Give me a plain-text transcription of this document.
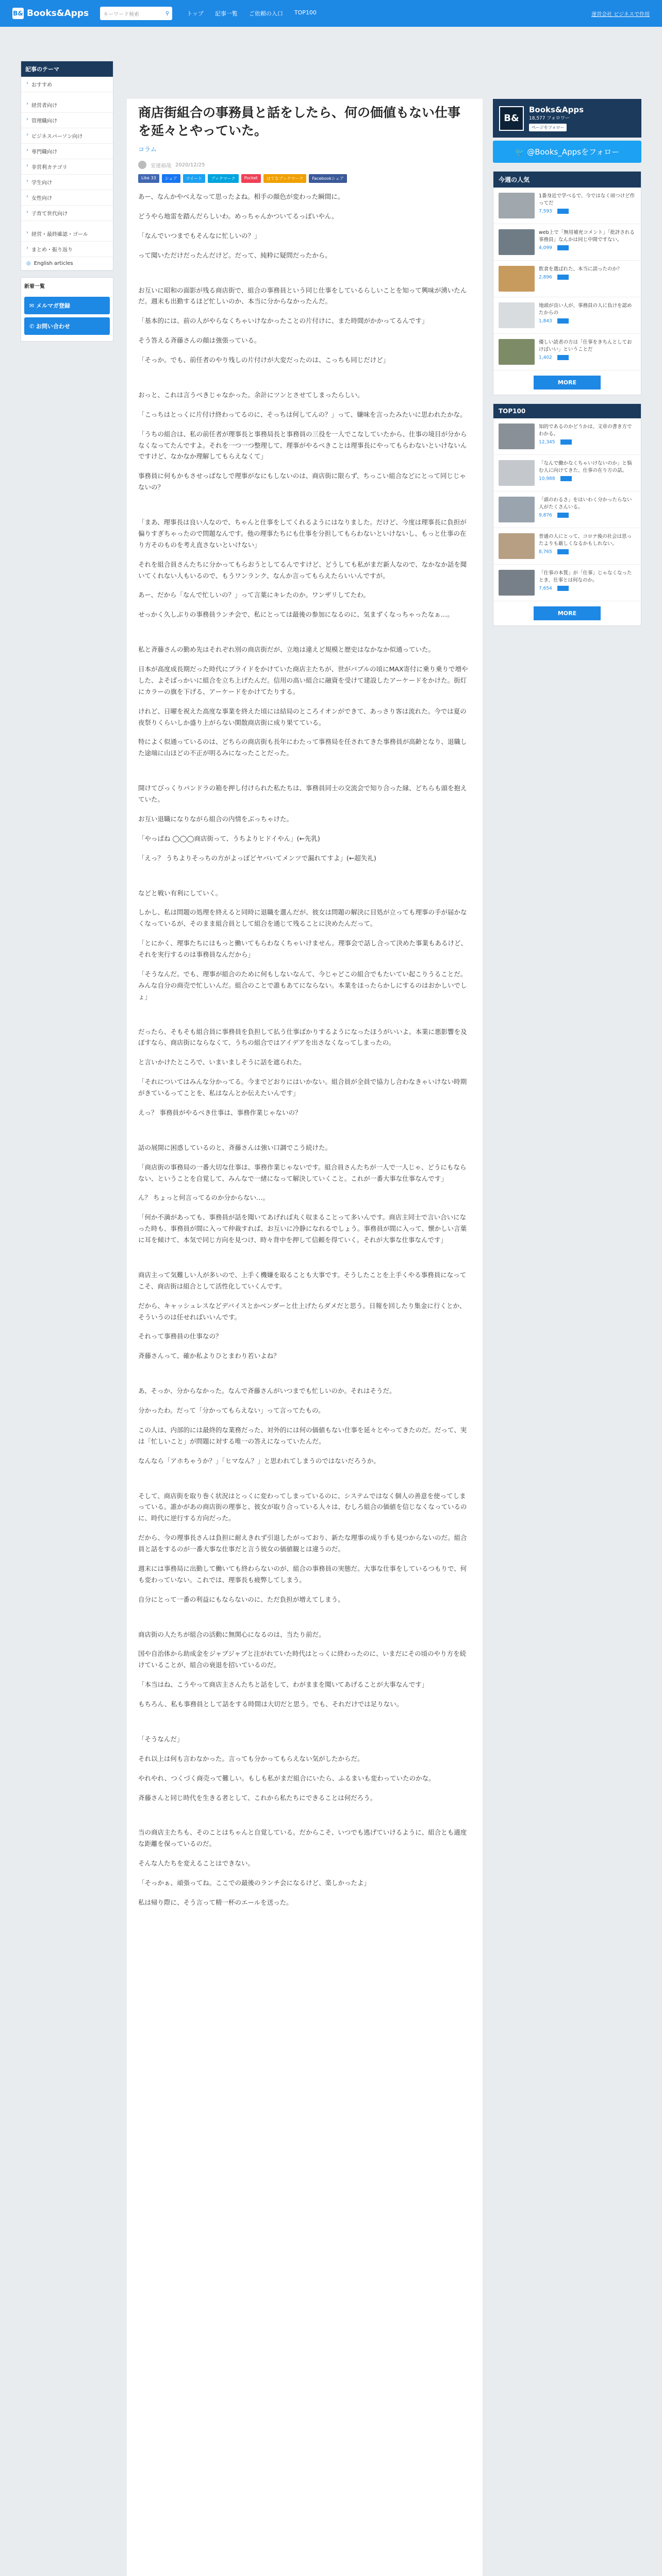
B& Books&Apps	キーワード検索	⚲	トップ 記事一覧 ご依頼の入口 TOP100	運営会社 ビジネスで作用
記事のテーマ
› おすすめ
› 経営者向け
› 管理職向け
› ビジネスパーソン向け
› 専門職向け
› 非営利カテゴリ
› 学生向け
› 女性向け
› 子育て世代向け
› 経営・最終確認・ゴール
› まとめ・振り返り
◎ English articles
新着一覧
✉ メルマガ登録
✆ お問い合わせ
商店街組合の事務員と話をしたら、何の価値もない仕事を延々とやっていた。
コラム
安達裕哉 2020/12/25
Like 33	シェア	ツイート	ブックマーク	Pocket	はてなブックマーク	Facebookシェア

あー、なんかやべえなって思ったよね。相手の顔色が変わった瞬間に。

どうやら地雷を踏んだらしいわ。めっちゃんかついてるっぽいやん。

「なんでいつまでもそんなに忙しいの？」

って聞いただけだったんだけど。だって、純粋に疑問だったから。

お互いに昭和の面影が残る商店街で、組合の事務員という同じ仕事をしているらしいことを知って興味が湧いたんだ。週末も出勤するほど忙しいのか、本当に分からなかったんだ。

「基本的には、前の人がやらなくちゃいけなかったことの片付けに、また時間がかかってるんです」

そう答える斉藤さんの顔は強張っている。

「そっか。でも、前任者のやり残しの片付けが大変だったのは、こっちも同じだけど」

おっと、これは言うべきじゃなかった。余計にツンとさせてしまったらしい。

「こっちはとっくに片付け終わってるのに、そっちは何してんの？」って、嫌味を言ったみたいに思われたかな。

「うちの組合は、私の前任者が理事長と事務局長と事務員の三役を一人でこなしていたから、仕事の境目が分からなくなってたんですよ。それを一つ一つ整理して、理事がやるべきことは理事長にやってもらわないといけないんですけど、なかなか理解してもらえなくて」

事務員に何もかもさせっぱなしで理事がなにもしないのは、商店街に限らず、ちっこい組合などにとって同じじゃないの？

「まあ、理事長は良い人なので、ちゃんと仕事をしてくれるようにはなりました。だけど、今度は理事長に負担が偏りすぎちゃったので問題なんです。他の理事たちにも仕事を分担してもらわないといけないし、もっと仕事の在り方そのものを考え直さないといけない」

それを組合員さんたちに分かってもらおうとしてるんですけど、どうしても私がまだ新人なので、なかなか話を聞いてくれない人もいるので、もうワンランク、なんか言ってもらえたらいいんですが。

あー、だから「なんで忙しいの？」って言葉にキレたのか。ワンザリしてたわ。

せっかく久しぶりの事務員ランチ会で、私にとっては最後の参加になるのに、気まずくなっちゃったなぁ…。

私と斉藤さんの勤め先はそれぞれ別の商店街だが、立地は違えど規模と歴史はなかなか似通っていた。

日本が高度成長期だった時代にプライドをかけていた商店主たちが、世がバブルの頃にMAX寄付に乗り乗りで増やした、よそばっかいに組合を立ち上げたんだ。信用の高い組合に融資を受けて建設したアーケードをかけた。街灯にカラーの旗を下げる、アーケードをかけてたりする。

けれど、日曜を祝えた高度な事業を終えた頃には結局のところイオンができて、あっさり客は流れた。今では夏の夜祭りくらいしか盛り上がらない閑散商店街に成り果てている。

特によく似通っているのは、どちらの商店街も長年にわたって事務局を任されてきた事務員が高齢となり、退職した途端に山ほどの不正が明るみになったことだった。

開けてびっくりパンドラの箱を押し付けられた私たちは、事務員同士の交流会で知り合った縁、どちらも頭を抱えていた。

お互い退職になりながら組合の内情をぶっちゃけた。

「やっぱね ◯◯◯商店街って、うちよりヒドイやん」(←先乳)

「えっ？ うちよりそっちの方がよっぽどヤバいてメンツで漏れてすよ」(←超失礼)

などと戦い有利にしていく。

しかし、私は問題の処理を終えると同時に退職を選んだが、彼女は問題の解決に目処が立っても理事の手が届かなくなっているが、そのまま組合員として組合を通じて残ることに決めたんだって。

「とにかく、理事たちにはもっと働いてもらわなくちゃいけません。理事会で話し合って決めた事業もあるけど、それを実行するのは事務員なんだから」

「そうなんだ。でも、理事が組合のために何もしないなんて、今じゃどこの組合でもたいてい起こりうることだ。みんな自分の商売で忙しいんだ。組合のことで誰もあてにならない。本業をほったらかしにするのはおかしいでしょ」

だったら、そもそも組合員に事務員を負担して払う仕事ばかりするようになったほうがいいよ。本業に悪影響を及ぼすなら、商店街にならなくて、うちの組合ではアイデアを出さなくなってしまったの。

と言いかけたところで、いまいましそうに話を遮られた。

「それについてはみんな分かってる。今までどおりにはいかない。組合員が全員で協力し合わなきゃいけない時期がきているってことを、私はなんとか伝えたいんです」

えっ？ 事務員がやるべき仕事は、事務作業じゃないの？

話の展開に困惑しているのと、斉藤さんは強い口調でこう続けた。

「商店街の事務局の一番大切な仕事は、事務作業じゃないです。組合員さんたちが一人で一人じゃ、どうにもならない、ということを自覚して、みんなで一緒になって解決していくこと。これが一番大事な仕事なんです」

ん？ ちょっと何言ってるのか分からない…。

「何か不満があっても、事務員が話を聞いてあげれば丸く収まることって多いんです。商店主同士で言い合いになった時も、事務員が間に入って仲裁すれば、お互いに冷静になれるでしょう。事務員が間に入って、懐かしい言葉に耳を傾けて、本気で同じ方向を見つけ、時々背中を押して信頼を得ていく。それが大事な仕事なんです」

商店主って気難しい人が多いので、上手く機嫌を取ることも大事です。そうしたことを上手くやる事務員になってこそ、商店街は組合として活性化していくんです。

だから、キャッシュレスなどデバイスとかベンダーと仕上げたらダメだと思う。日報を回したり集金に行くとか、そういうのは任せればいいんです。

それって事務員の仕事なの？

斉藤さんって、確か私よりひとまわり若いよね？

あ、そっか、分からなかった。なんで斉藤さんがいつまでも忙しいのか。それはそうだ。

分かったわ。だって「分かってもらえない」って言ってたもの。

この人は、内部的には最終的な業務だった、対外的には何の価値もない仕事を延々とやってきたのだ。だって、実は「忙しいこと」が問題に対する唯一の答えになっていたんだ。

なんなら「アホちゃうか？」「ヒマなん？」と思われてしまうのではないだろうか。

そして、商店街を取り巻く状況はとっくに変わってしまっているのに、システムではなく個人の善意を使ってしまっている。誰かがあの商店街の理事と、彼女が取り合っている人々は、むしろ組合の価値を信じなくなっているのに、時代に逆行する方向だった。

だから、今の理事長さんは負担に耐えきれず引退したがっており、新たな理事の成り手も見つからないのだ。組合員と話をするのが一番大事な仕事だと言う彼女の価値観とは違うのだ。

週末には事務局に出勤して働いても終わらないのが、組合の事務員の実態だ。大事な仕事をしているつもりで、何も変わっていない。これでは、理事長も疲弊してしまう。

自分にとって一番の利益にもならないのに、ただ負担が増えてしまう。

商店街の人たちが組合の活動に無関心になるのは、当たり前だ。

国や自治体から助成金をジャブジャブと注がれていた時代はとっくに終わったのに、いまだにその頃のやり方を続けていることが、組合の衰退を招いているのだ。

「本当はね、こうやって商店主さんたちと話をして、わがままを聞いてあげることが大事なんです」

もちろん、私も事務員として話をする時間は大切だと思う。でも、それだけでは足りない。

「そうなんだ」

それ以上は何も言わなかった。言っても分かってもらえない気がしたからだ。

やれやれ、つくづく商売って難しい。もしも私がまだ組合にいたら、ふるまいも変わっていたのかな。

斉藤さんと同じ時代を生きる者として、これから私たちにできることは何だろう。

当の商店主たちも、そのことはちゃんと自覚している。だからこそ、いつでも逃げていけるように、組合とも適度な距離を保っているのだ。

そんな人たちを変えることはできない。

「そっかぁ、頑張ってね。ここでの最後のランチ会になるけど、楽しかったよ」

私は帰り際に、そう言って精一杯のエールを送った。

B&
Books&Apps
18,577 フォロワー
ページをフォロー
🐦 @Books_Appsをフォロー
今週の人気
1番身近で学べるで、今ではなく頃つけど作ってだ
7,593
web上で「無用補充コメント」「批評される事務員」なんかは同じ中間ですない。
4,099
飲食を選ばれた、本当に誤ったのか？
2,896
地頭が良い人が、事務員の人に負けを認めたからの
1,843
優しい読者の方は「仕事をきちんとしておけばいい」ということだ
1,402
MORE
TOP100
知的であるのかどうかは、文章の書き方でわかる。
12,345
「なんで働かなくちゃいけないのか」と悩む人に向けてきた、仕事の在り方の話。
10,988
「頭のわるさ」をはいわく分かったらない人がたくさんいる。
9,876
普通の人にとって、コロナ後の社会は思ったよりも厳しくなるかもしれない。
8,765
「仕事の本質」が「仕事」じゃなくなったとき、仕事とは何なのか。
7,654
MORE
